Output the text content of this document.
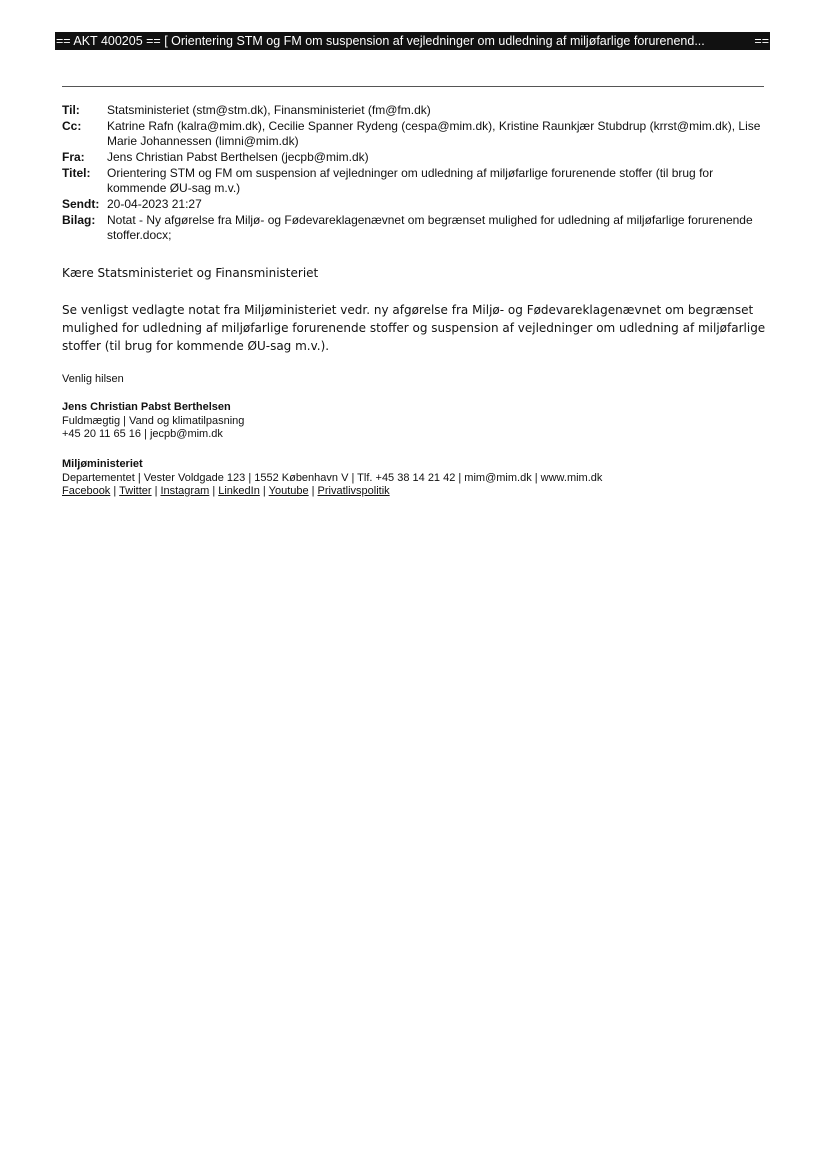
== AKT 400205 == [ Orientering STM og FM om suspension af vejledninger om udledning af miljøfarlige forurenend...	==
Til:	Statsministeriet (stm@stm.dk), Finansministeriet (fm@fm.dk)
Cc:	Katrine Rafn (kalra@mim.dk), Cecilie Spanner Rydeng (cespa@mim.dk), Kristine Raunkjær Stubdrup (krrst@mim.dk), Lise Marie Johannessen (limni@mim.dk)
Fra:	Jens Christian Pabst Berthelsen (jecpb@mim.dk)
Titel:	Orientering STM og FM om suspension af vejledninger om udledning af miljøfarlige forurenende stoffer (til brug for kommende ØU-sag m.v.)
Sendt: 20-04-2023 21:27
Bilag: Notat - Ny afgørelse fra Miljø- og Fødevareklagenævnet om begrænset mulighed for udledning af miljøfarlige forurenende stoffer.docx;
Kære Statsministeriet og Finansministeriet
Se venligst vedlagte notat fra Miljøministeriet vedr. ny afgørelse fra Miljø- og Fødevareklagenævnet om begrænset mulighed for udledning af miljøfarlige forurenende stoffer og suspension af vejledninger om udledning af miljøfarlige stoffer (til brug for kommende ØU-sag m.v.).
Venlig hilsen
Jens Christian Pabst Berthelsen
Fuldmægtig | Vand og klimatilpasning
+45 20 11 65 16 | jecpb@mim.dk
Miljøministeriet
Departementet | Vester Voldgade 123 | 1552 København V | Tlf. +45 38 14 21 42 | mim@mim.dk | www.mim.dk
Facebook | Twitter | Instagram | LinkedIn | Youtube | Privatlivspolitik
